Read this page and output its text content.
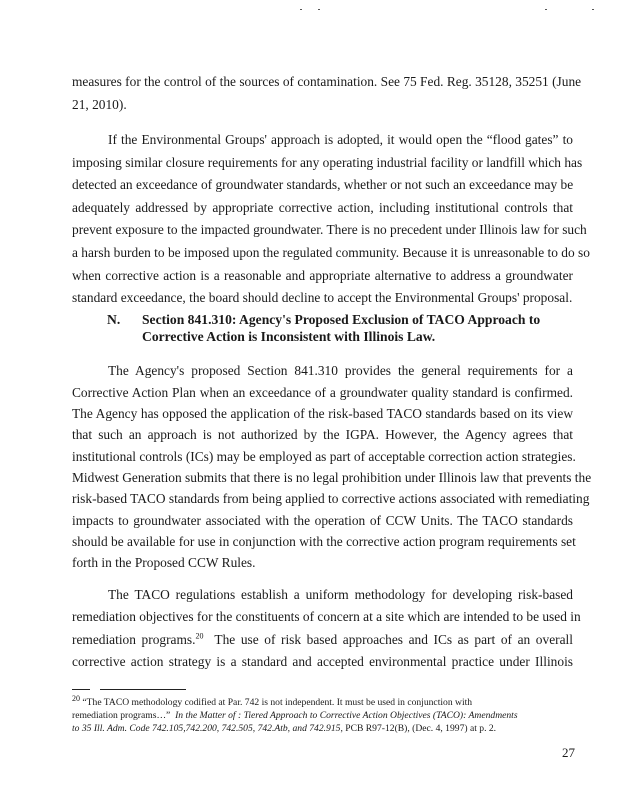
measures for the control of the sources of contamination. See 75 Fed. Reg. 35128, 35251 (June
21, 2010).
If the Environmental Groups' approach is adopted, it would open the “flood gates” to
imposing similar closure requirements for any operating industrial facility or landfill which has
detected an exceedance of groundwater standards, whether or not such an exceedance may be
adequately addressed by appropriate corrective action, including institutional controls that
prevent exposure to the impacted groundwater. There is no precedent under Illinois law for such
a harsh burden to be imposed upon the regulated community. Because it is unreasonable to do so
when corrective action is a reasonable and appropriate alternative to address a groundwater
standard exceedance, the board should decline to accept the Environmental Groups' proposal.
N. Section 841.310: Agency's Proposed Exclusion of TACO Approach to
Corrective Action is Inconsistent with Illinois Law.
The Agency's proposed Section 841.310 provides the general requirements for a
Corrective Action Plan when an exceedance of a groundwater quality standard is confirmed.
The Agency has opposed the application of the risk-based TACO standards based on its view
that such an approach is not authorized by the IGPA. However, the Agency agrees that
institutional controls (ICs) may be employed as part of acceptable correction action strategies.
Midwest Generation submits that there is no legal prohibition under Illinois law that prevents the
risk-based TACO standards from being applied to corrective actions associated with remediating
impacts to groundwater associated with the operation of CCW Units. The TACO standards
should be available for use in conjunction with the corrective action program requirements set
forth in the Proposed CCW Rules.
The TACO regulations establish a uniform methodology for developing risk-based
remediation objectives for the constituents of concern at a site which are intended to be used in
remediation programs.$^{20}$  The use of risk based approaches and ICs as part of an overall
corrective action strategy is a standard and accepted environmental practice under Illinois
$^{20}$ “The TACO methodology codified at Par. 742 is not independent. It must be used in conjunction with
remediation programs…”  In the Matter of : Tiered Approach to Corrective Action Objectives (TACO): Amendments
to 35 Ill. Adm. Code 742.105,742.200, 742.505, 742.Atb, and 742.915, PCB R97-12(B), (Dec. 4, 1997) at p. 2.
27
